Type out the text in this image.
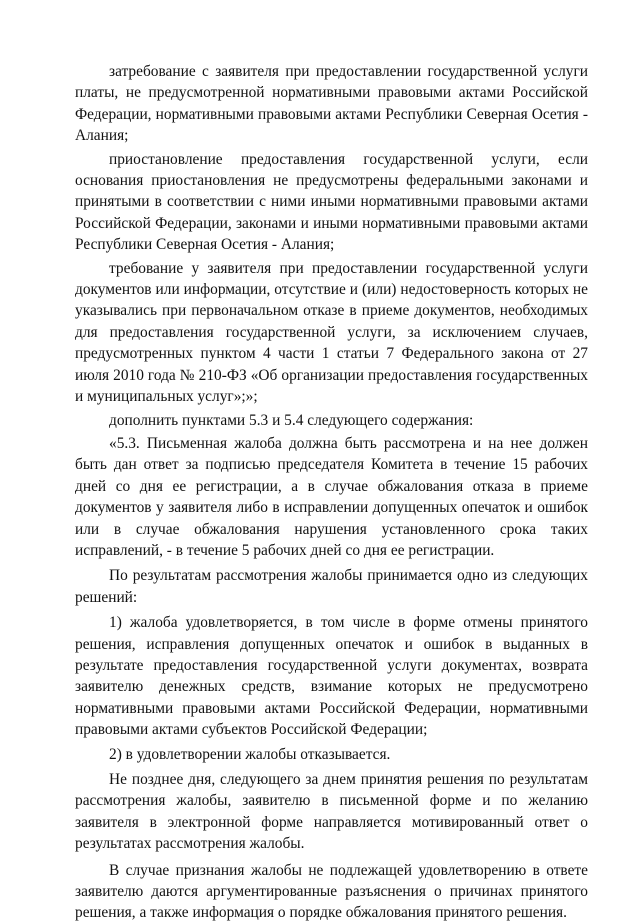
затребование с заявителя при предоставлении государственной услуги платы, не предусмотренной нормативными правовыми актами Российской Федерации, нормативными правовыми актами Республики Северная Осетия - Алания;

приостановление предоставления государственной услуги, если основания приостановления не предусмотрены федеральными законами и принятыми в соответствии с ними иными нормативными правовыми актами Российской Федерации, законами и иными нормативными правовыми актами Республики Северная Осетия - Алания;

требование у заявителя при предоставлении государственной услуги документов или информации, отсутствие и (или) недостоверность которых не указывались при первоначальном отказе в приеме документов, необходимых для предоставления государственной услуги, за исключением случаев, предусмотренных пунктом 4 части 1 статьи 7 Федерального закона от 27 июля 2010 года № 210-ФЗ «Об организации предоставления государственных и муниципальных услуг»;»;

дополнить пунктами 5.3 и 5.4 следующего содержания:

«5.3. Письменная жалоба должна быть рассмотрена и на нее должен быть дан ответ за подписью председателя Комитета в течение 15 рабочих дней со дня ее регистрации, а в случае обжалования отказа в приеме документов у заявителя либо в исправлении допущенных опечаток и ошибок или в случае обжалования нарушения установленного срока таких исправлений, - в течение 5 рабочих дней со дня ее регистрации.

По результатам рассмотрения жалобы принимается одно из следующих решений:

1) жалоба удовлетворяется, в том числе в форме отмены принятого решения, исправления допущенных опечаток и ошибок в выданных в результате предоставления государственной услуги документах, возврата заявителю денежных средств, взимание которых не предусмотрено нормативными правовыми актами Российской Федерации, нормативными правовыми актами субъектов Российской Федерации;

2) в удовлетворении жалобы отказывается.

Не позднее дня, следующего за днем принятия решения по результатам рассмотрения жалобы, заявителю в письменной форме и по желанию заявителя в электронной форме направляется мотивированный ответ о результатах рассмотрения жалобы.

В случае признания жалобы не подлежащей удовлетворению в ответе заявителю даются аргументированные разъяснения о причинах принятого решения, а также информация о порядке обжалования принятого решения.
